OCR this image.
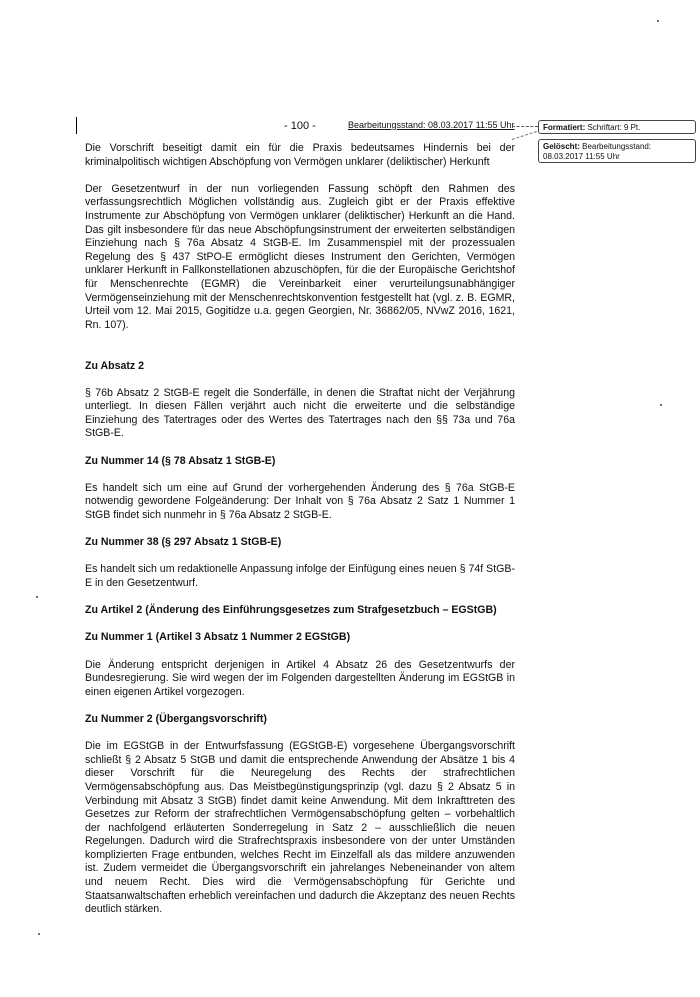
- 100 -	Bearbeitungsstand: 08.03.2017 11:55 Uhr	Formatiert: Schriftart: 9 Pt.
Gelöscht: Bearbeitungsstand: 08.03.2017 11:55 Uhr

Die Vorschrift beseitigt damit ein für die Praxis bedeutsames Hindernis bei der kriminalpolitisch wichtigen Abschöpfung von Vermögen unklarer (deliktischer) Herkunft

Der Gesetzentwurf in der nun vorliegenden Fassung schöpft den Rahmen des verfassungsrechtlich Möglichen vollständig aus. Zugleich gibt er der Praxis effektive Instrumente zur Abschöpfung von Vermögen unklarer (deliktischer) Herkunft an die Hand. Das gilt insbesondere für das neue Abschöpfungsinstrument der erweiterten selbständigen Einziehung nach § 76a Absatz 4 StGB-E. Im Zusammenspiel mit der prozessualen Regelung des § 437 StPO-E ermöglicht dieses Instrument den Gerichten, Vermögen unklarer Herkunft in Fallkonstellationen abzuschöpfen, für die der Europäische Gerichtshof für Menschenrechte (EGMR) die Vereinbarkeit einer verurteilungsunabhängiger Vermögenseinziehung mit der Menschenrechtskonvention festgestellt hat (vgl. z. B. EGMR, Urteil vom 12. Mai 2015, Gogitidze u.a. gegen Georgien, Nr. 36862/05, NVwZ 2016, 1621, Rn. 107).

Zu Absatz 2

§ 76b Absatz 2 StGB-E regelt die Sonderfälle, in denen die Straftat nicht der Verjährung unterliegt. In diesen Fällen verjährt auch nicht die erweiterte und die selbständige Einziehung des Tatertrages oder des Wertes des Tatertrages nach den §§ 73a und 76a StGB-E.

Zu Nummer 14 (§ 78 Absatz 1 StGB-E)

Es handelt sich um eine auf Grund der vorhergehenden Änderung des § 76a StGB-E notwendig gewordene Folgeänderung: Der Inhalt von § 76a Absatz 2 Satz 1 Nummer 1 StGB findet sich nunmehr in § 76a Absatz 2 StGB-E.

Zu Nummer 38 (§ 297 Absatz 1 StGB-E)

Es handelt sich um redaktionelle Anpassung infolge der Einfügung eines neuen § 74f StGB-E in den Gesetzentwurf.

Zu Artikel 2 (Änderung des Einführungsgesetzes zum Strafgesetzbuch – EGStGB)
Zu Nummer 1 (Artikel 3 Absatz 1 Nummer 2 EGStGB)

Die Änderung entspricht derjenigen in Artikel 4 Absatz 26 des Gesetzentwurfs der Bundesregierung. Sie wird wegen der im Folgenden dargestellten Änderung im EGStGB in einen eigenen Artikel vorgezogen.

Zu Nummer 2 (Übergangsvorschrift)

Die im EGStGB in der Entwurfsfassung (EGStGB-E) vorgesehene Übergangsvorschrift schließt § 2 Absatz 5 StGB und damit die entsprechende Anwendung der Absätze 1 bis 4 dieser Vorschrift für die Neuregelung des Rechts der strafrechtlichen Vermögensabschöpfung aus. Das Meistbegünstigungsprinzip (vgl. dazu § 2 Absatz 5 in Verbindung mit Absatz 3 StGB) findet damit keine Anwendung. Mit dem Inkrafttreten des Gesetzes zur Reform der strafrechtlichen Vermögensabschöpfung gelten – vorbehaltlich der nachfolgend erläuterten Sonderregelung in Satz 2 – ausschließlich die neuen Regelungen. Dadurch wird die Strafrechtspraxis insbesondere von der unter Umständen komplizierten Frage entbunden, welches Recht im Einzelfall als das mildere anzuwenden ist. Zudem vermeidet die Übergangsvorschrift ein jahrelanges Nebeneinander von altem und neuem Recht. Dies wird die Vermögensabschöpfung für Gerichte und Staatsanwaltschaften erheblich vereinfachen und dadurch die Akzeptanz des neuen Rechts deutlich stärken.
